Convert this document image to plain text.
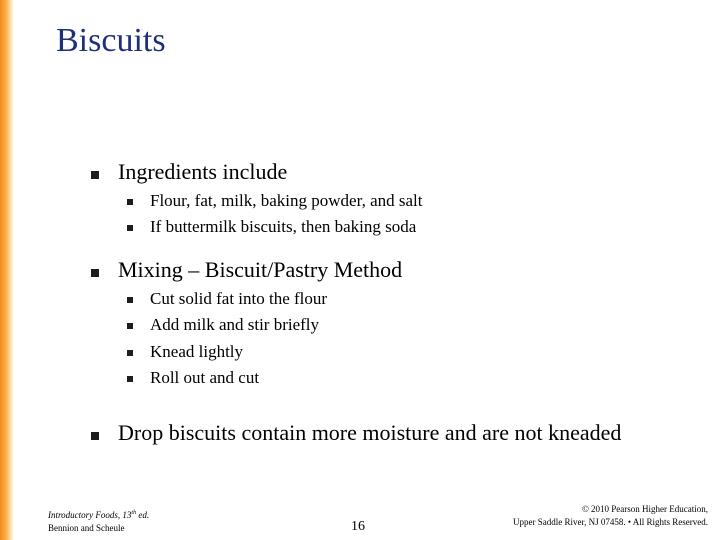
Biscuits
Ingredients include
Flour, fat, milk, baking powder, and salt
If buttermilk biscuits, then baking soda
Mixing – Biscuit/Pastry Method
Cut solid fat into the flour
Add milk and stir briefly
Knead lightly
Roll out and cut
Drop biscuits contain more moisture and are not kneaded
Introductory Foods, 13th ed.
Bennion and Scheule	16
© 2010 Pearson Higher Education,
Upper Saddle River, NJ 07458. • All Rights Reserved.
